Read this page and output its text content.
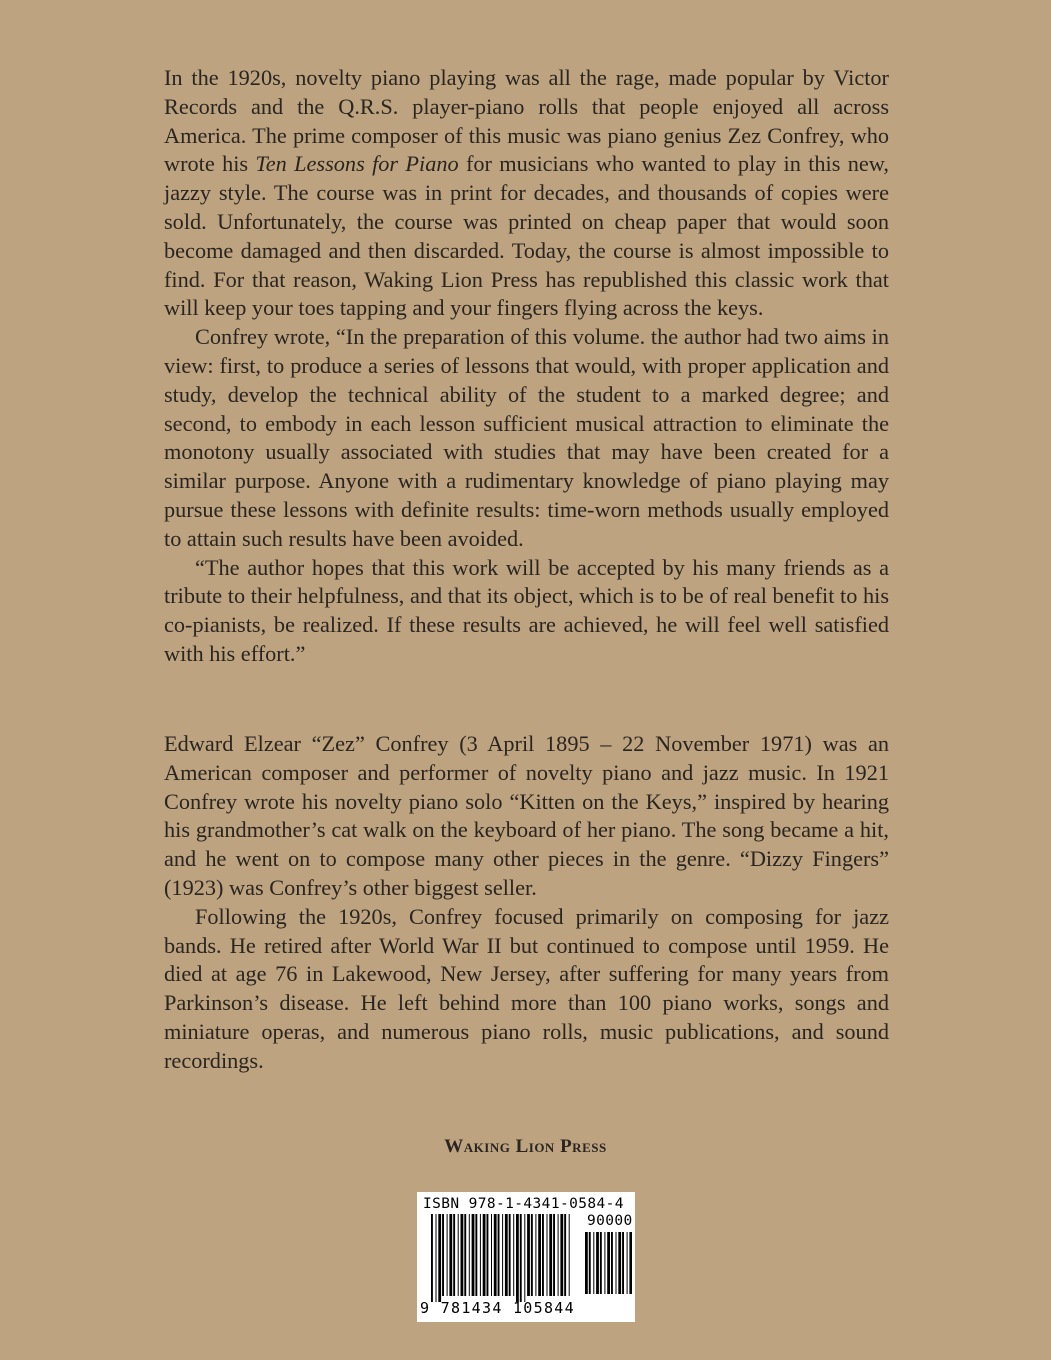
In the 1920s, novelty piano playing was all the rage, made popular by Victor Records and the Q.R.S. player-piano rolls that people enjoyed all across America. The prime composer of this music was piano genius Zez Confrey, who wrote his Ten Lessons for Piano for musicians who wanted to play in this new, jazzy style. The course was in print for decades, and thousands of copies were sold. Unfortunately, the course was printed on cheap paper that would soon become damaged and then discarded. Today, the course is almost impossible to find. For that reason, Waking Lion Press has republished this classic work that will keep your toes tapping and your fingers flying across the keys.

Confrey wrote, “In the preparation of this volume. the author had two aims in view: first, to produce a series of lessons that would, with proper application and study, develop the technical ability of the student to a marked degree; and second, to embody in each lesson sufficient musical attraction to eliminate the monotony usually associated with studies that may have been created for a similar purpose. Anyone with a rudimentary knowledge of piano playing may pursue these lessons with definite results: time-worn methods usually employed to attain such results have been avoided.

“The author hopes that this work will be accepted by his many friends as a tribute to their helpfulness, and that its object, which is to be of real benefit to his co-pianists, be realized. If these results are achieved, he will feel well satisfied with his effort.”

Edward Elzear “Zez” Confrey (3 April 1895 – 22 November 1971) was an American composer and performer of novelty piano and jazz music. In 1921 Confrey wrote his novelty piano solo “Kitten on the Keys,” inspired by hearing his grandmother’s cat walk on the keyboard of her piano. The song became a hit, and he went on to compose many other pieces in the genre. “Dizzy Fingers” (1923) was Confrey’s other biggest seller.

Following the 1920s, Confrey focused primarily on composing for jazz bands. He retired after World War II but continued to compose until 1959. He died at age 76 in Lakewood, New Jersey, after suffering for many years from Parkinson’s disease. He left behind more than 100 piano works, songs and miniature operas, and numerous piano rolls, music publications, and sound recordings.

Waking Lion Press
ISBN 978-1-4341-0584-4
90000
9 781434 105844
